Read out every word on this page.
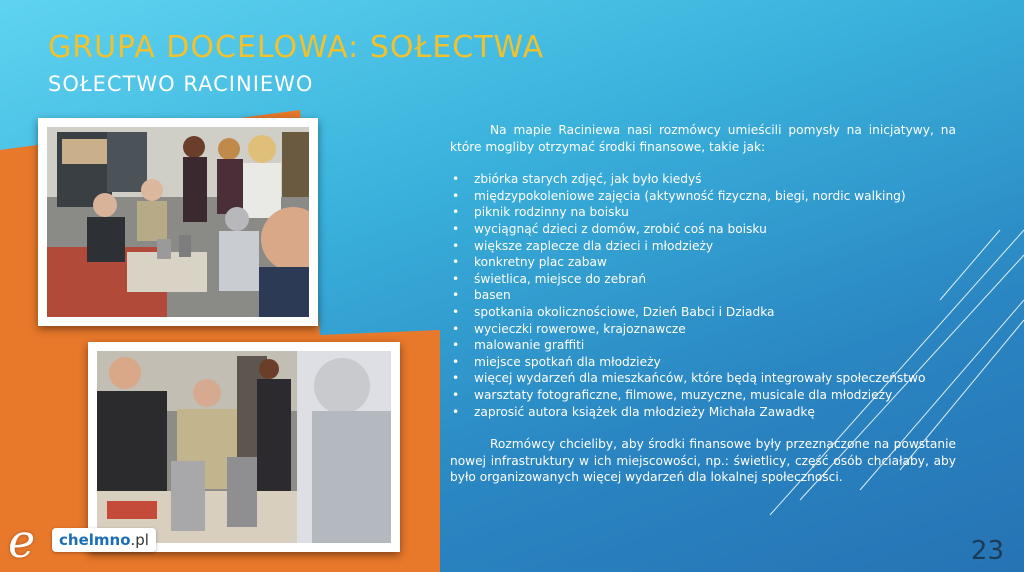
GRUPA DOCELOWA: SOŁECTWA
SOŁECTWO RACINIEWO

Na mapie Raciniewa nasi rozmówcy umieścili pomysły na inicjatywy, na które mogliby otrzymać środki finansowe, takie jak:

• zbiórka starych zdjęć, jak było kiedyś
• międzypokoleniowe zajęcia (aktywność fizyczna, biegi, nordic walking)
• piknik rodzinny na boisku
• wyciągnąć dzieci z domów, zrobić coś na boisku
• większe zaplecze dla dzieci i młodzieży
• konkretny plac zabaw
• świetlica, miejsce do zebrań
• basen
• spotkania okolicznościowe, Dzień Babci i Dziadka
• wycieczki rowerowe, krajoznawcze
• malowanie graffiti
• miejsce spotkań dla młodzieży
• więcej wydarzeń dla mieszkańców, które będą integrowały społeczeństwo
• warsztaty fotograficzne, filmowe, muzyczne, musicale dla młodzieży
• zaprosić autora książek dla młodzieży Michała Zawadkę

Rozmówcy chcieliby, aby środki finansowe były przeznaczone na powstanie nowej infrastruktury w ich miejscowości, np.: świetlicy, część osób chciałaby, aby było organizowanych więcej wydarzeń dla lokalnej społeczności.

23
e	chelmno.pl
